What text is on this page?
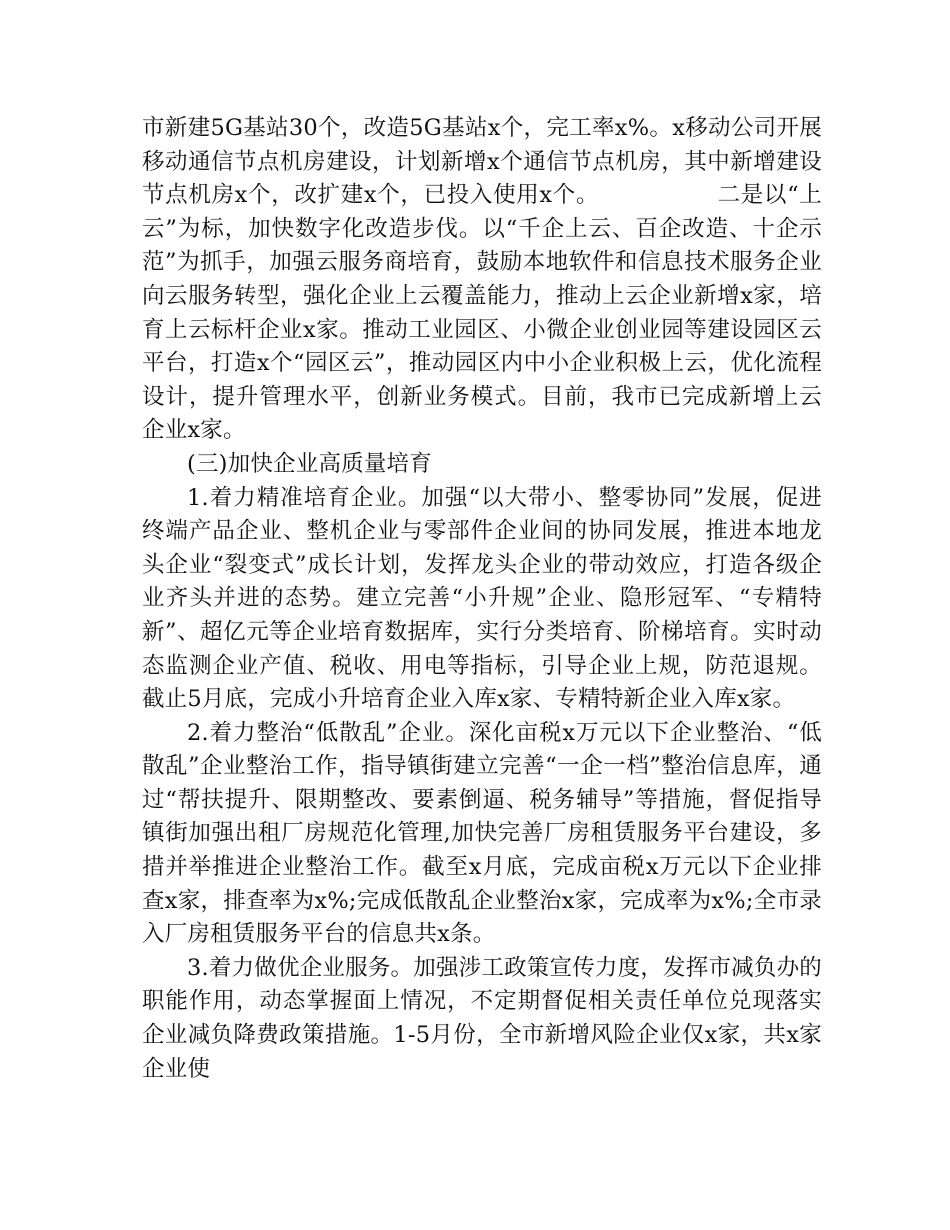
市新建5G基站30个，改造5G基站x个，完工率x%。x移动公司开展移动通信节点机房建设，计划新增x个通信节点机房，其中新增建设节点机房x个，改扩建x个，已投入使用x个。	二是以“上云”为标，加快数字化改造步伐。以“千企上云、百企改造、十企示范”为抓手，加强云服务商培育，鼓励本地软件和信息技术服务企业向云服务转型，强化企业上云覆盖能力，推动上云企业新增x家，培育上云标杆企业x家。推动工业园区、小微企业创业园等建设园区云平台，打造x个“园区云”，推动园区内中小企业积极上云，优化流程设计，提升管理水平，创新业务模式。目前，我市已完成新增上云企业x家。

(三)加快企业高质量培育

1.着力精准培育企业。加强“以大带小、整零协同”发展，促进终端产品企业、整机企业与零部件企业间的协同发展，推进本地龙头企业“裂变式”成长计划，发挥龙头企业的带动效应，打造各级企业齐头并进的态势。建立完善“小升规”企业、隐形冠军、“专精特新”、超亿元等企业培育数据库，实行分类培育、阶梯培育。实时动态监测企业产值、税收、用电等指标，引导企业上规，防范退规。截止5月底，完成小升培育企业入库x家、专精特新企业入库x家。

2.着力整治“低散乱”企业。深化亩税x万元以下企业整治、“低散乱”企业整治工作，指导镇街建立完善“一企一档”整治信息库，通过“帮扶提升、限期整改、要素倒逼、税务辅导”等措施，督促指导镇街加强出租厂房规范化管理,加快完善厂房租赁服务平台建设，多措并举推进企业整治工作。截至x月底，完成亩税x万元以下企业排查x家，排查率为x%;完成低散乱企业整治x家，完成率为x%;全市录入厂房租赁服务平台的信息共x条。

3.着力做优企业服务。加强涉工政策宣传力度，发挥市减负办的职能作用，动态掌握面上情况，不定期督促相关责任单位兑现落实企业减负降费政策措施。1-5月份，全市新增风险企业仅x家，共x家企业使
